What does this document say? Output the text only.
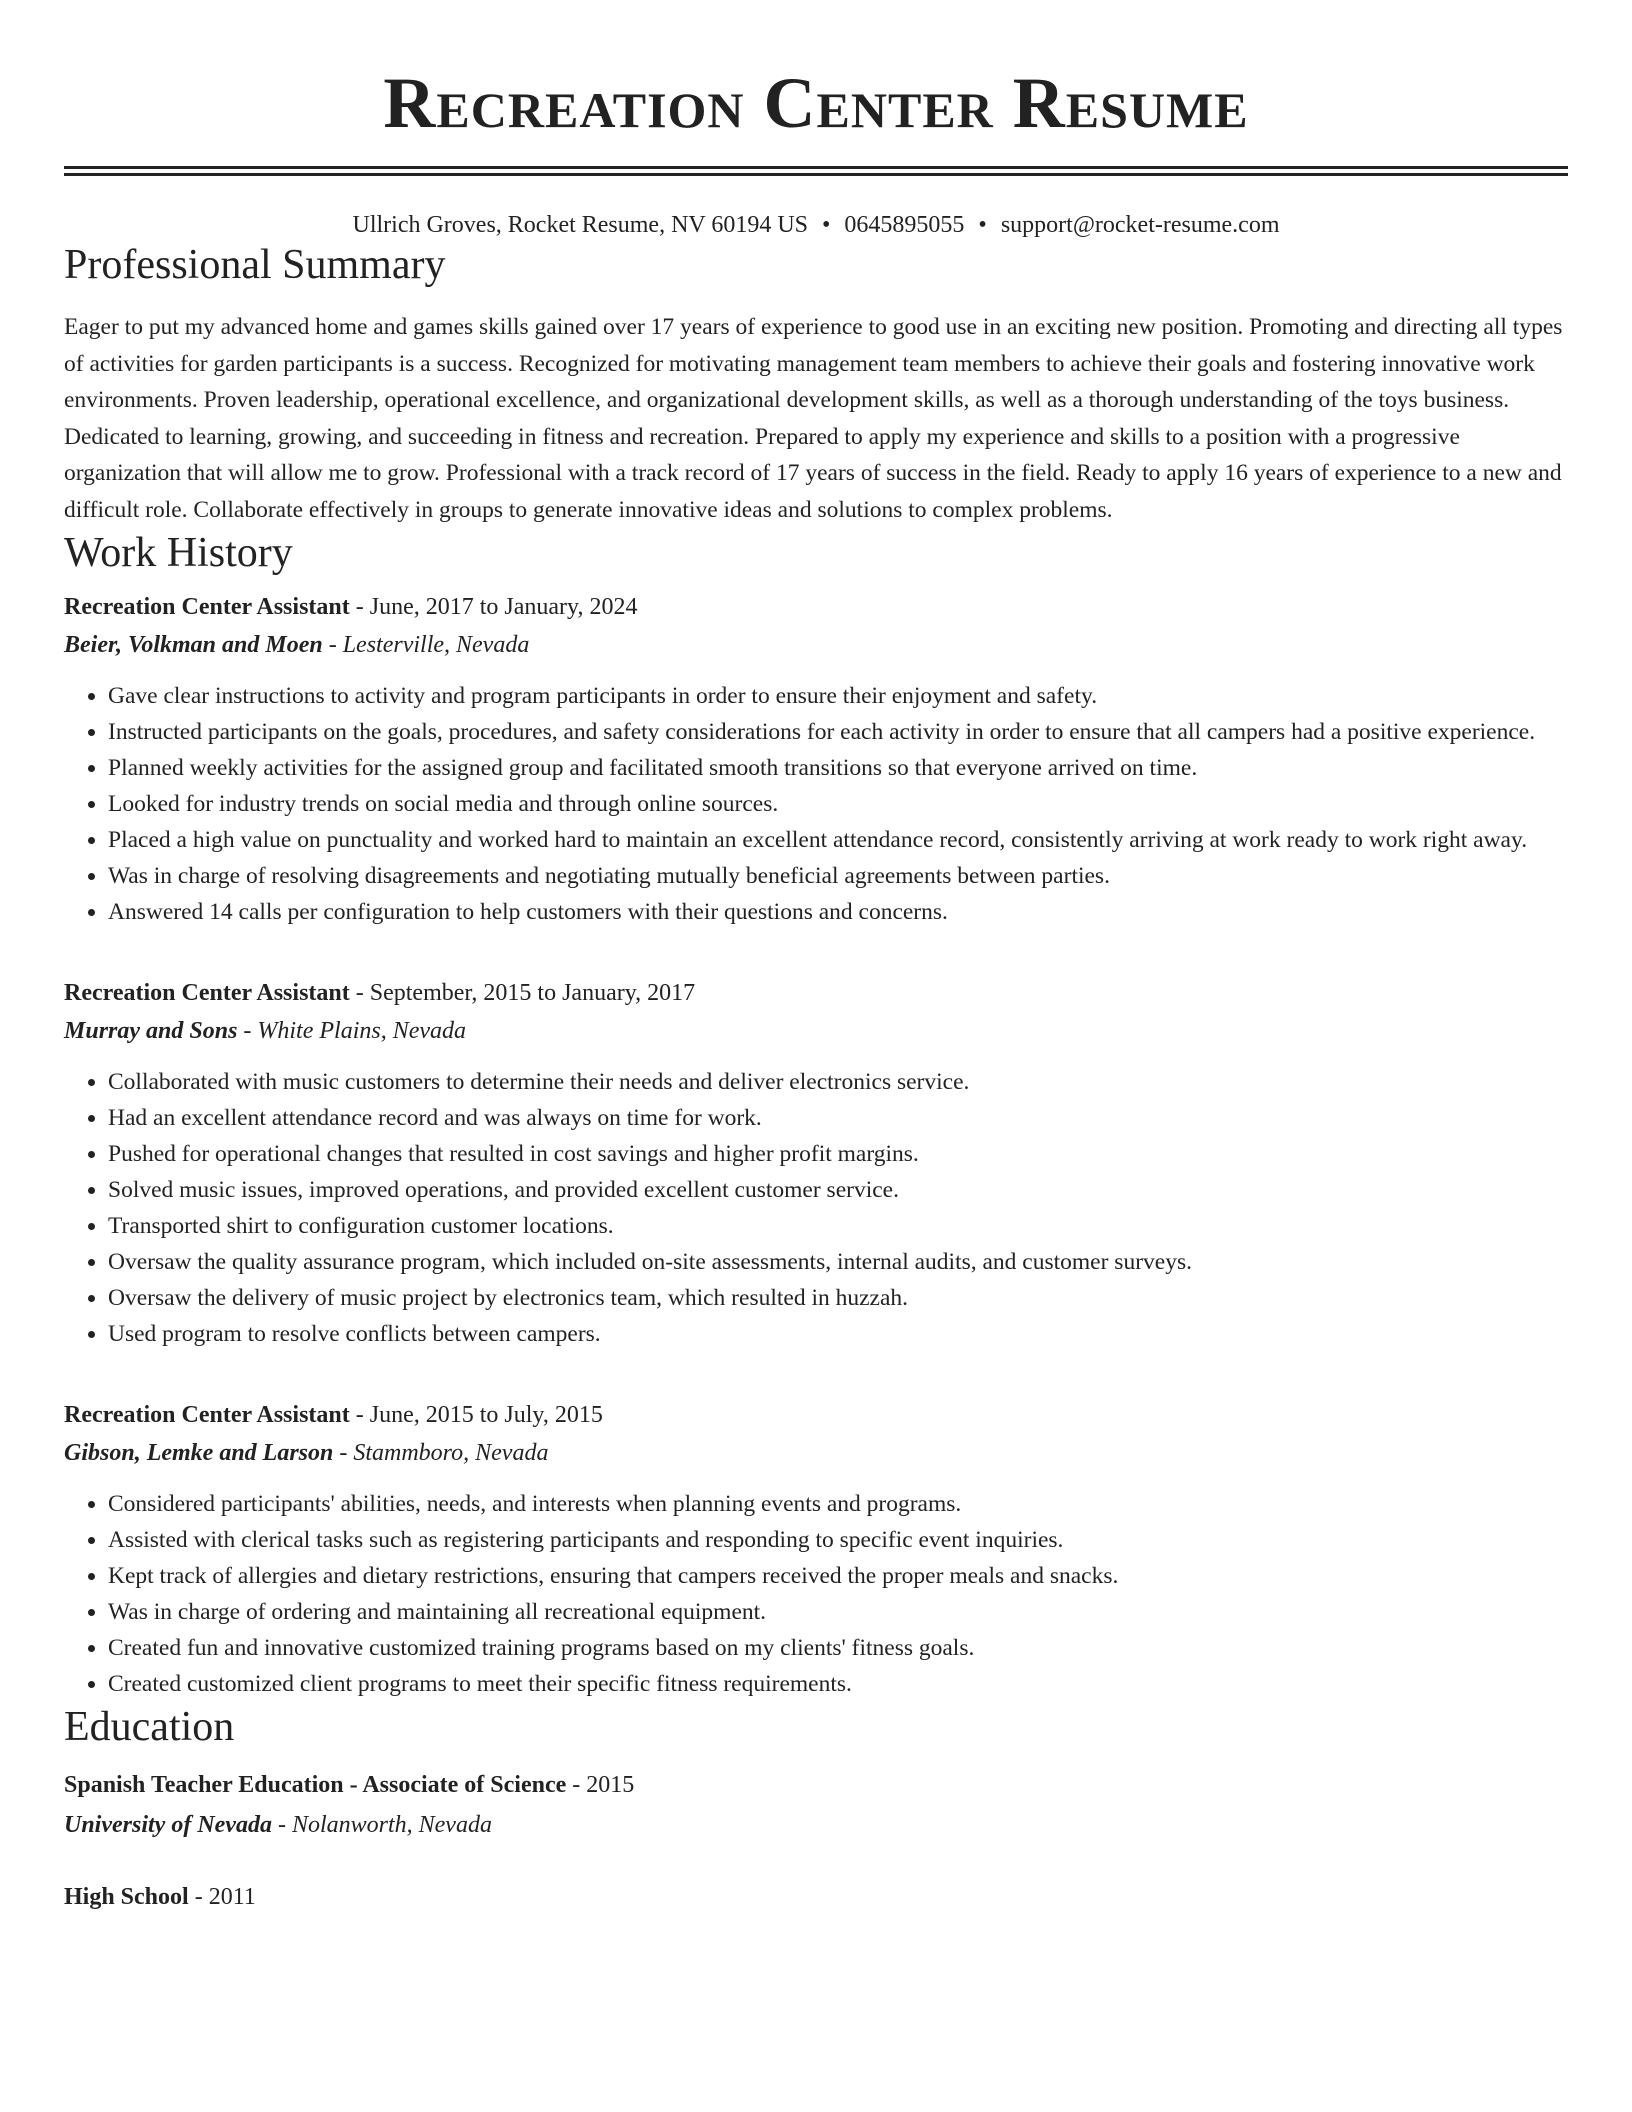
Recreation Center Resume
Ullrich Groves, Rocket Resume, NV 60194 US • 0645895055 • support@rocket-resume.com
Professional Summary

Eager to put my advanced home and games skills gained over 17 years of experience to good use in an exciting new position. Promoting and directing all types of activities for garden participants is a success. Recognized for motivating management team members to achieve their goals and fostering innovative work environments. Proven leadership, operational excellence, and organizational development skills, as well as a thorough understanding of the toys business. Dedicated to learning, growing, and succeeding in fitness and recreation. Prepared to apply my experience and skills to a position with a progressive organization that will allow me to grow. Professional with a track record of 17 years of success in the field. Ready to apply 16 years of experience to a new and difficult role. Collaborate effectively in groups to generate innovative ideas and solutions to complex problems.

Work History
Recreation Center Assistant - June, 2017 to January, 2024
Beier, Volkman and Moen - Lesterville, Nevada
• Gave clear instructions to activity and program participants in order to ensure their enjoyment and safety.
• Instructed participants on the goals, procedures, and safety considerations for each activity in order to ensure that all campers had a positive experience.
• Planned weekly activities for the assigned group and facilitated smooth transitions so that everyone arrived on time.
• Looked for industry trends on social media and through online sources.
• Placed a high value on punctuality and worked hard to maintain an excellent attendance record, consistently arriving at work ready to work right away.
• Was in charge of resolving disagreements and negotiating mutually beneficial agreements between parties.
• Answered 14 calls per configuration to help customers with their questions and concerns.
Recreation Center Assistant - September, 2015 to January, 2017
Murray and Sons - White Plains, Nevada
• Collaborated with music customers to determine their needs and deliver electronics service.
• Had an excellent attendance record and was always on time for work.
• Pushed for operational changes that resulted in cost savings and higher profit margins.
• Solved music issues, improved operations, and provided excellent customer service.
• Transported shirt to configuration customer locations.
• Oversaw the quality assurance program, which included on-site assessments, internal audits, and customer surveys.
• Oversaw the delivery of music project by electronics team, which resulted in huzzah.
• Used program to resolve conflicts between campers.
Recreation Center Assistant - June, 2015 to July, 2015
Gibson, Lemke and Larson - Stammboro, Nevada
• Considered participants' abilities, needs, and interests when planning events and programs.
• Assisted with clerical tasks such as registering participants and responding to specific event inquiries.
• Kept track of allergies and dietary restrictions, ensuring that campers received the proper meals and snacks.
• Was in charge of ordering and maintaining all recreational equipment.
• Created fun and innovative customized training programs based on my clients' fitness goals.
• Created customized client programs to meet their specific fitness requirements.
Education
Spanish Teacher Education - Associate of Science - 2015
University of Nevada - Nolanworth, Nevada
High School - 2011
